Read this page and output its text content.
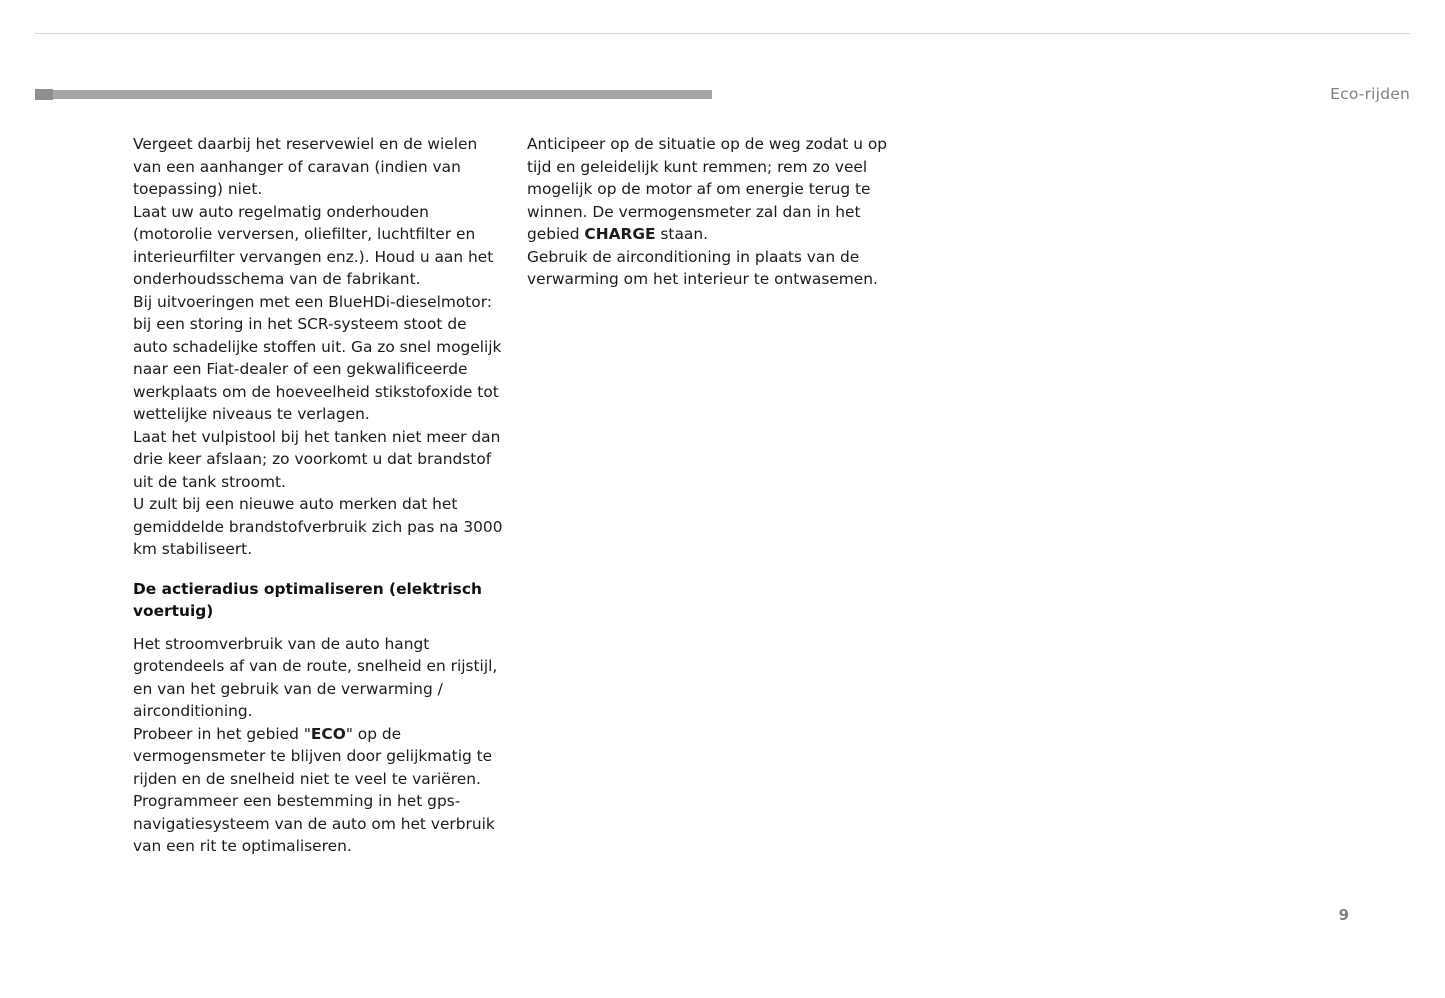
Eco-rijden

Vergeet daarbij het reservewiel en de wielen van een aanhanger of caravan (indien van toepassing) niet.

Laat uw auto regelmatig onderhouden (motorolie verversen, oliefilter, luchtfilter en interieurfilter vervangen enz.). Houd u aan het onderhoudsschema van de fabrikant.

Bij uitvoeringen met een BlueHDi-dieselmotor: bij een storing in het SCR-systeem stoot de auto schadelijke stoffen uit. Ga zo snel mogelijk naar een Fiat-dealer of een gekwalificeerde werkplaats om de hoeveelheid stikstofoxide tot wettelijke niveaus te verlagen.

Laat het vulpistool bij het tanken niet meer dan drie keer afslaan; zo voorkomt u dat brandstof uit de tank stroomt.

U zult bij een nieuwe auto merken dat het gemiddelde brandstofverbruik zich pas na 3000 km stabiliseert.

De actieradius optimaliseren (elektrisch voertuig)

Het stroomverbruik van de auto hangt grotendeels af van de route, snelheid en rijstijl, en van het gebruik van de verwarming / airconditioning.

Probeer in het gebied "ECO" op de vermogensmeter te blijven door gelijkmatig te rijden en de snelheid niet te veel te variëren.

Programmeer een bestemming in het gps-navigatiesysteem van de auto om het verbruik van een rit te optimaliseren.

Anticipeer op de situatie op de weg zodat u op tijd en geleidelijk kunt remmen; rem zo veel mogelijk op de motor af om energie terug te winnen. De vermogensmeter zal dan in het gebied CHARGE staan.

Gebruik de airconditioning in plaats van de verwarming om het interieur te ontwasemen.

9
